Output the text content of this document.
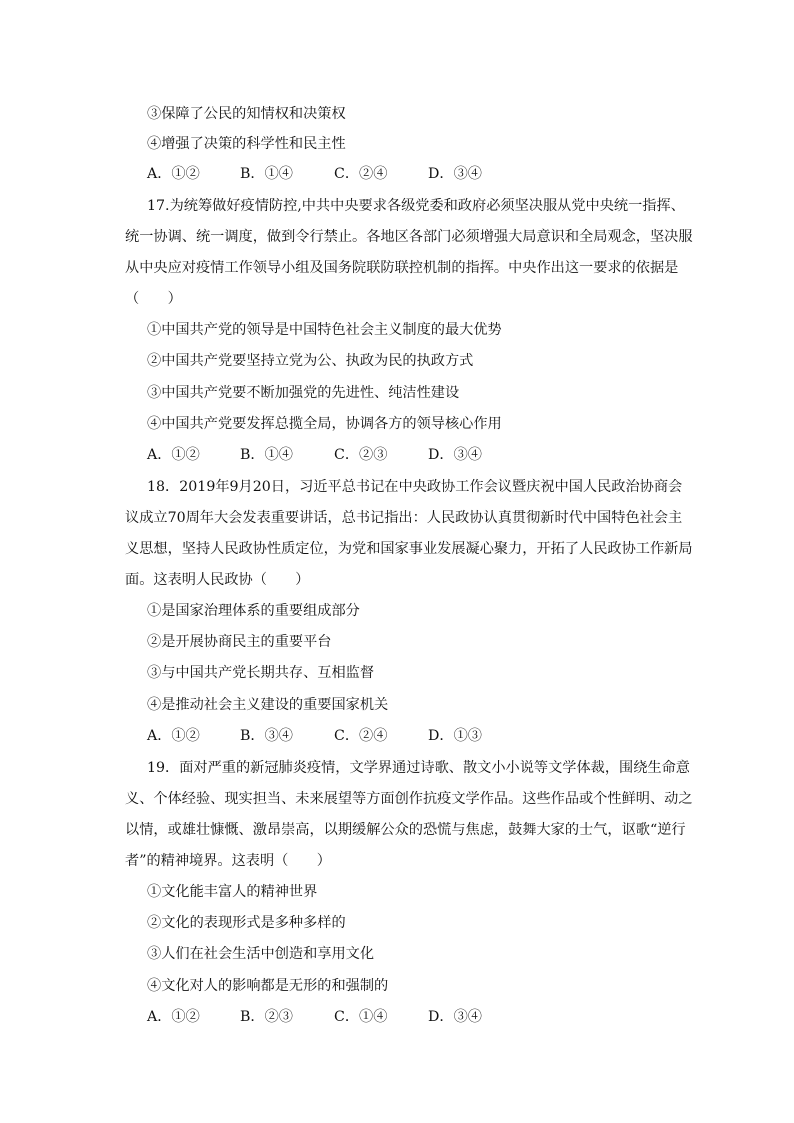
③保障了公民的知情权和决策权
④增强了决策的科学性和民主性
A．①②	B．①④	C．②④	D．③④
17.为统筹做好疫情防控,中共中央要求各级党委和政府必须坚决服从党中央统一指挥、
统一协调、统一调度，做到令行禁止。各地区各部门必须增强大局意识和全局观念，坚决服
从中央应对疫情工作领导小组及国务院联防联控机制的指挥。中央作出这一要求的依据是
（　　）
①中国共产党的领导是中国特色社会主义制度的最大优势
②中国共产党要坚持立党为公、执政为民的执政方式
③中国共产党要不断加强党的先进性、纯洁性建设
④中国共产党要发挥总揽全局，协调各方的领导核心作用
A．①②	B．①④	C．②③	D．③④
18．2019年9月20日，习近平总书记在中央政协工作会议暨庆祝中国人民政治协商会
议成立70周年大会发表重要讲话，总书记指出：人民政协认真贯彻新时代中国特色社会主
义思想，坚持人民政协性质定位，为党和国家事业发展凝心聚力，开拓了人民政协工作新局
面。这表明人民政协（　　）
①是国家治理体系的重要组成部分
②是开展协商民主的重要平台
③与中国共产党长期共存、互相监督
④是推动社会主义建设的重要国家机关
A．①②	B．③④	C．②④	D．①③
19．面对严重的新冠肺炎疫情，文学界通过诗歌、散文小小说等文学体裁，围绕生命意
义、个体经验、现实担当、未来展望等方面创作抗疫文学作品。这些作品或个性鲜明、动之
以情，或雄壮慷慨、激昂崇高，以期缓解公众的恐慌与焦虑，鼓舞大家的士气，讴歌“逆行
者”的精神境界。这表明（　　）
①文化能丰富人的精神世界
②文化的表现形式是多种多样的
③人们在社会生活中创造和享用文化
④文化对人的影响都是无形的和强制的
A．①②	B．②③	C．①④	D．③④
